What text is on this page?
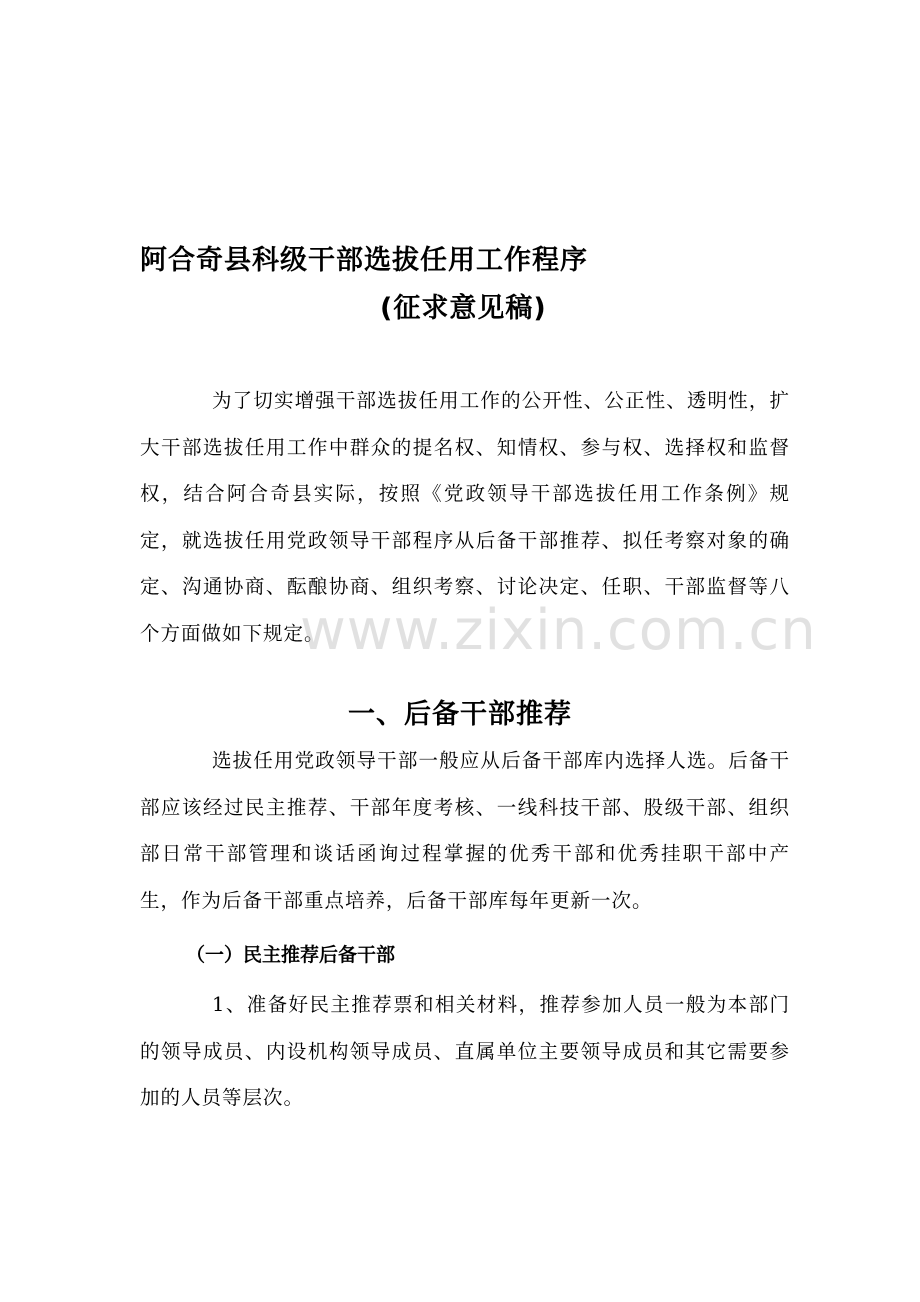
阿合奇县科级干部选拔任用工作程序
(征求意见稿)
为了切实增强干部选拔任用工作的公开性、公正性、透明性，扩大干部选拔任用工作中群众的提名权、知情权、参与权、选择权和监督权，结合阿合奇县实际，按照《党政领导干部选拔任用工作条例》规定，就选拔任用党政领导干部程序从后备干部推荐、拟任考察对象的确定、沟通协商、酝酿协商、组织考察、讨论决定、任职、干部监督等八个方面做如下规定。
一、后备干部推荐
选拔任用党政领导干部一般应从后备干部库内选择人选。后备干部应该经过民主推荐、干部年度考核、一线科技干部、股级干部、组织部日常干部管理和谈话函询过程掌握的优秀干部和优秀挂职干部中产生，作为后备干部重点培养，后备干部库每年更新一次。
（一）民主推荐后备干部
1、准备好民主推荐票和相关材料，推荐参加人员一般为本部门的领导成员、内设机构领导成员、直属单位主要领导成员和其它需要参加的人员等层次。
www.zixin.com.cn
